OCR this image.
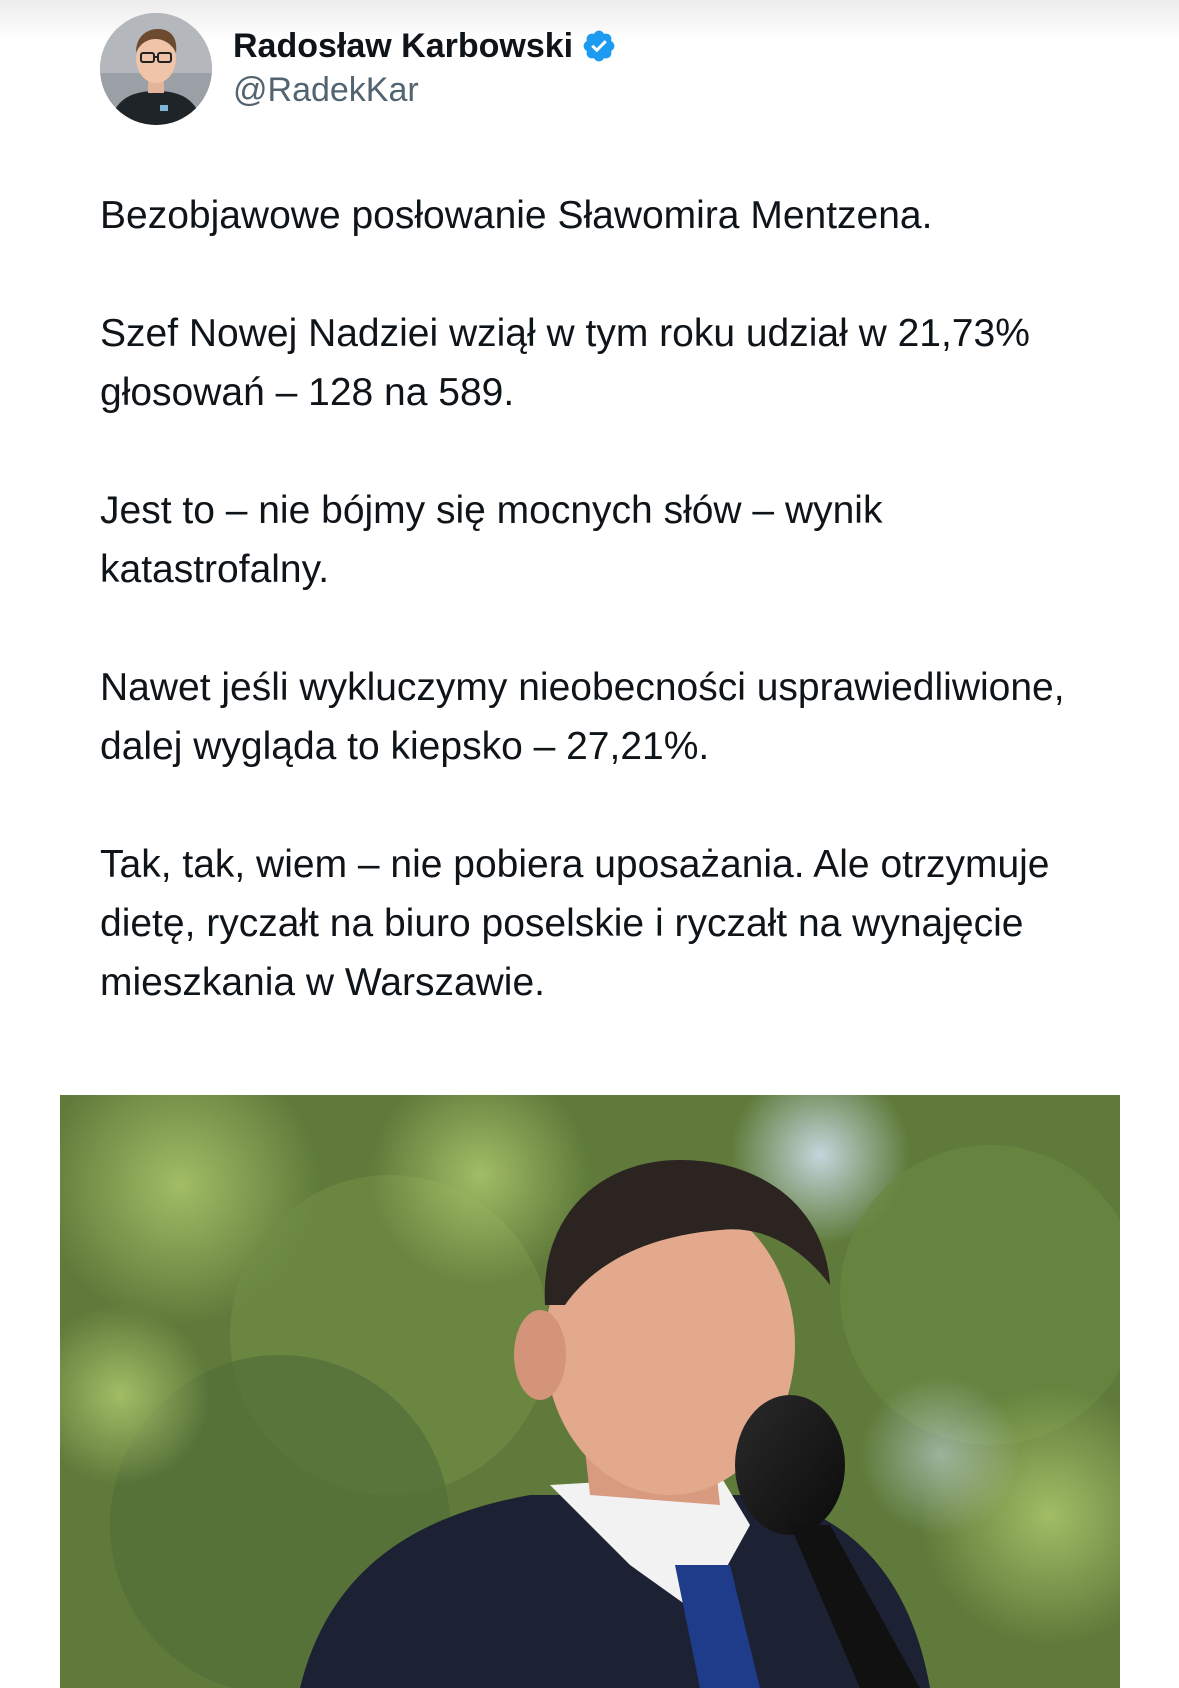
Radosław Karbowski
@RadekKar

Bezobjawowe posłowanie Sławomira Mentzena.

Szef Nowej Nadziei wziął w tym roku udział w 21,73% głosowań – 128 na 589.

Jest to – nie bójmy się mocnych słów – wynik katastrofalny.

Nawet jeśli wykluczymy nieobecności usprawiedliwione, dalej wygląda to kiepsko – 27,21%.

Tak, tak, wiem – nie pobiera uposażania. Ale otrzymuje dietę, ryczałt na biuro poselskie i ryczałt na wynajęcie mieszkania w Warszawie.
